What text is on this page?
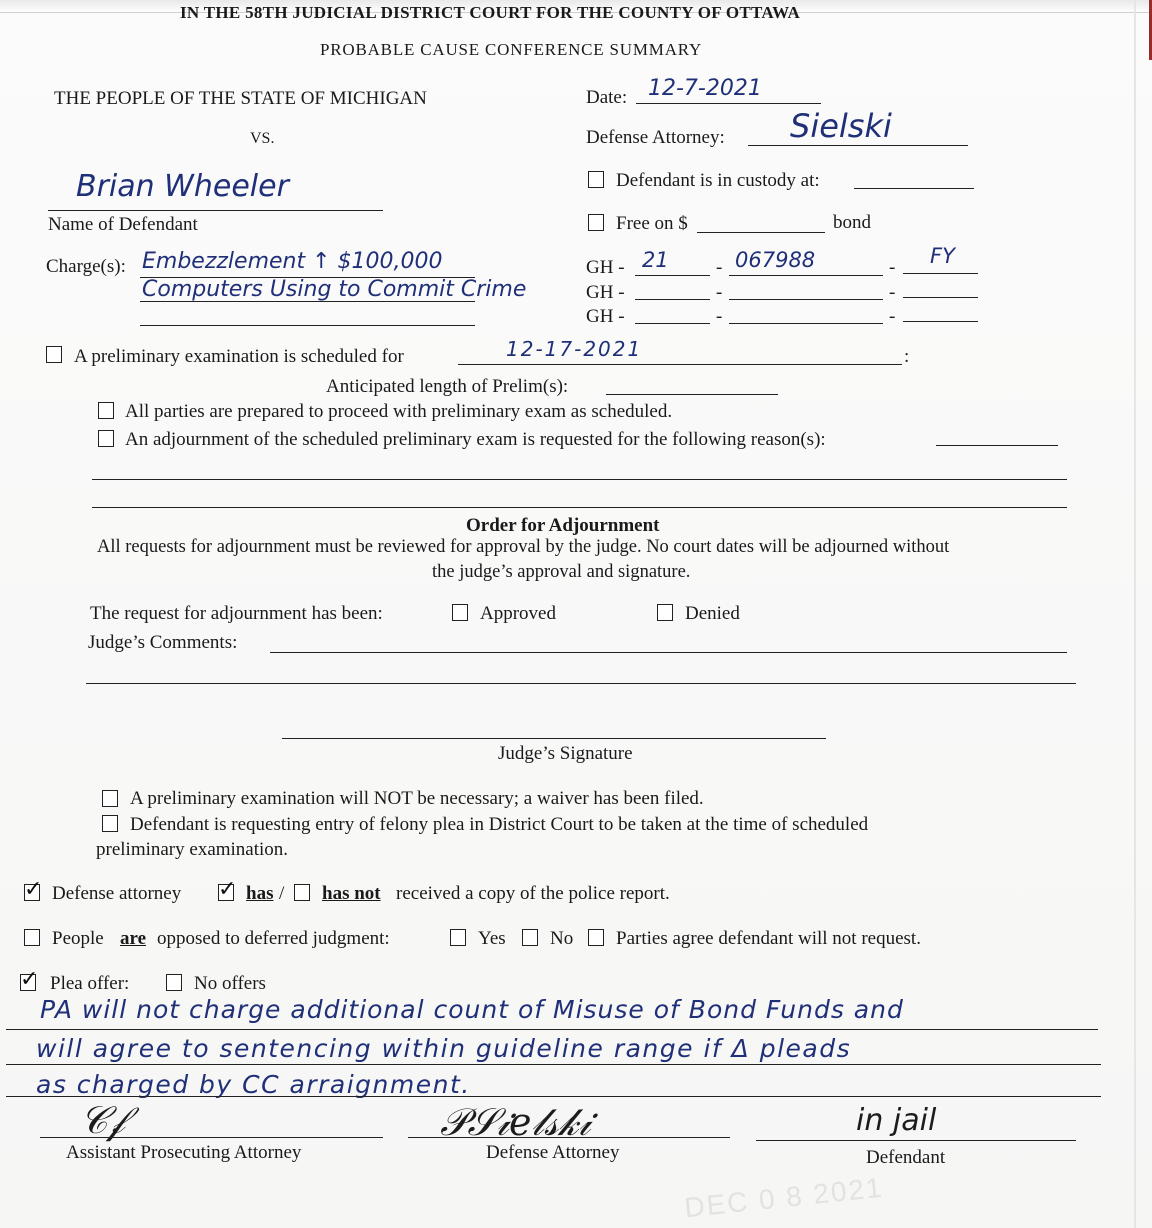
IN THE 58TH JUDICIAL DISTRICT COURT FOR THE COUNTY OF OTTAWA
PROBABLE CAUSE CONFERENCE SUMMARY
THE PEOPLE OF THE STATE OF MICHIGAN
VS.
Brian Wheeler
Name of Defendant
Date: 12-7-2021
Defense Attorney: Sielski
Defendant is in custody at:
Free on $	bond
Charge(s): Embezzlement ↑ $100,000
Computers Using to Commit Crime
GH - 21 - 067988	- FY
GH -	-	-
GH -	-	-
A preliminary examination is scheduled for	12-17-2021	:
Anticipated length of Prelim(s):
All parties are prepared to proceed with preliminary exam as scheduled.
An adjournment of the scheduled preliminary exam is requested for the following reason(s):
Order for Adjournment
All requests for adjournment must be reviewed for approval by the judge. No court dates will be adjourned without
the judge’s approval and signature.
The request for adjournment has been:	Approved	Denied
Judge’s Comments:
Judge’s Signature
A preliminary examination will NOT be necessary; a waiver has been filed.
Defendant is requesting entry of felony plea in District Court to be taken at the time of scheduled
preliminary examination.
✓
Defense attorney ✓	has / has not received a copy of the police report.
People are opposed to deferred judgment:	Yes No Parties agree defendant will not request.
✓
Plea offer:	No offers
PA will not charge additional count of Misuse of Bond Funds and
will agree to sentencing within guideline range if Δ pleads
as charged by CC arraignment.
𝒞𝒻
Assistant Prosecuting Attorney
𝒫𝒮𝒾𝑒𝓁𝓈𝓀𝒾
Defense Attorney
in jail
Defendant
DEC 0 8 2021
